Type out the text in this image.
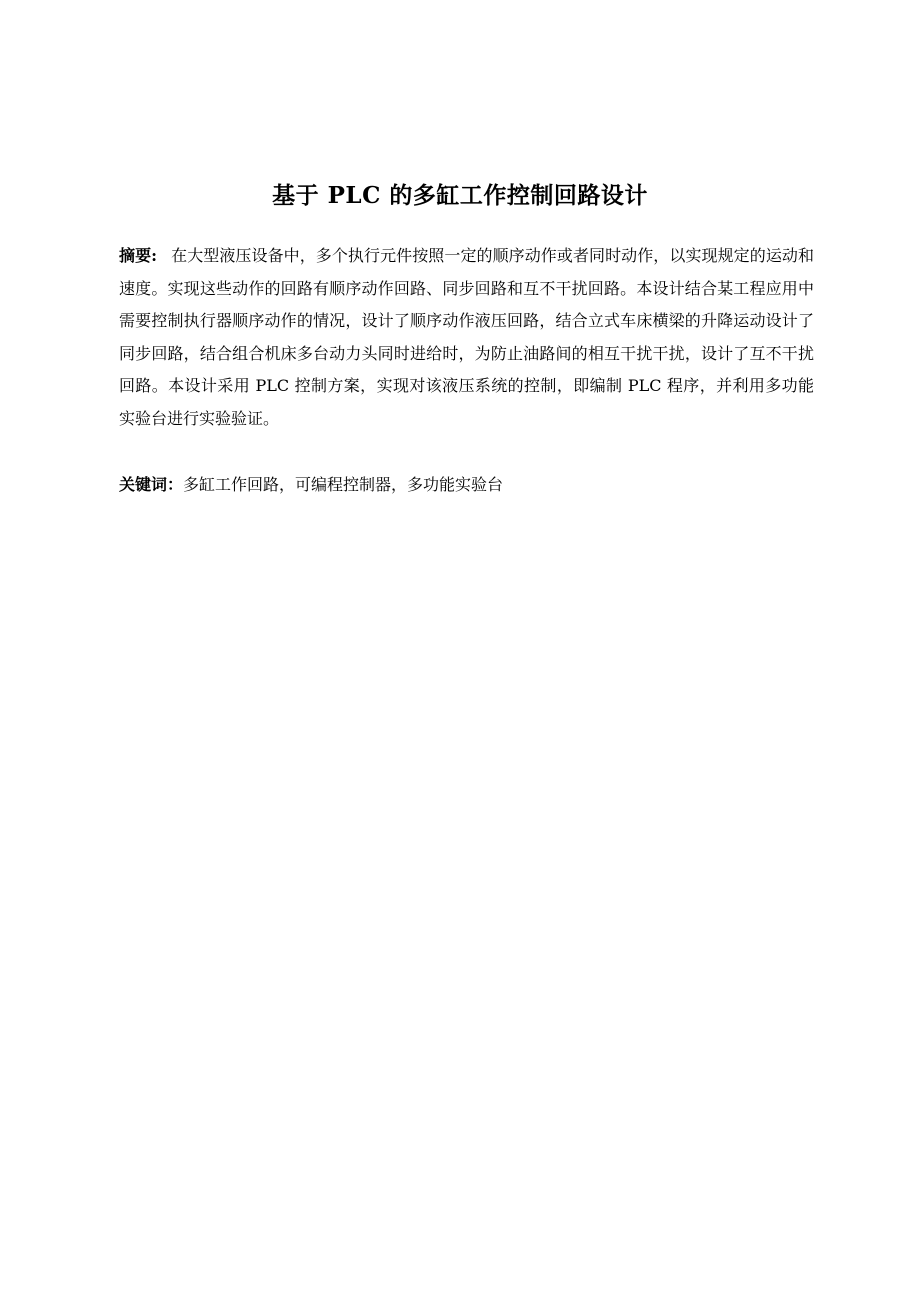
基于 PLC 的多缸工作控制回路设计

摘要: 在大型液压设备中，多个执行元件按照一定的顺序动作或者同时动作，以实现规定的运动和速度。实现这些动作的回路有顺序动作回路、同步回路和互不干扰回路。本设计结合某工程应用中需要控制执行器顺序动作的情况，设计了顺序动作液压回路，结合立式车床横梁的升降运动设计了同步回路，结合组合机床多台动力头同时进给时，为防止油路间的相互干扰干扰，设计了互不干扰回路。本设计采用 PLC 控制方案，实现对该液压系统的控制，即编制 PLC 程序，并利用多功能实验台进行实验验证。

关键词：多缸工作回路，可编程控制器，多功能实验台
